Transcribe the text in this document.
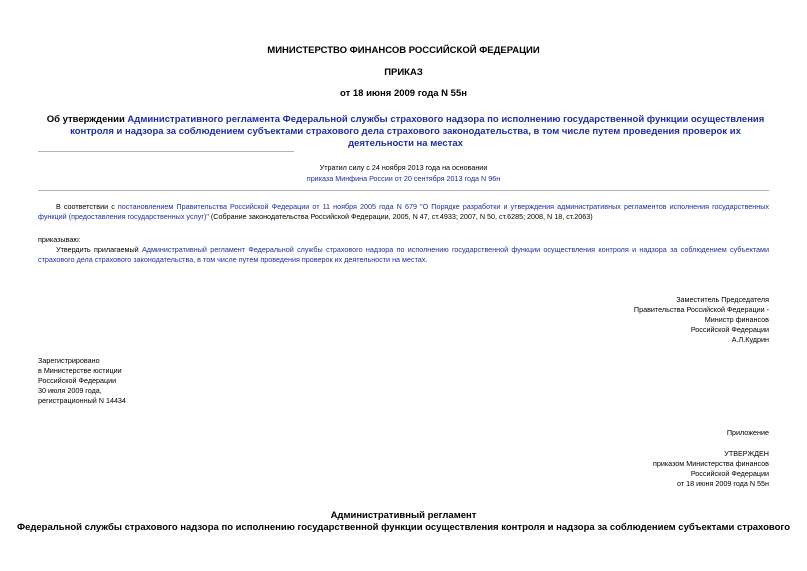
МИНИСТЕРСТВО ФИНАНСОВ РОССИЙСКОЙ ФЕДЕРАЦИИ
ПРИКАЗ
от 18 июня 2009 года N 55н
Об утверждении Административного регламента Федеральной службы страхового надзора по исполнению государственной функции осуществления контроля и надзора за соблюдением субъектами страхового дела страхового законодательства, в том числе путем проведения проверок их деятельности на местах
Утратил силу с 24 ноября 2013 года на основании
приказа Минфина России от 20 сентября 2013 года N 96н
В соответствии с постановлением Правительства Российской Федерации от 11 ноября 2005 года N 679 "О Порядке разработки и утверждения административных регламентов исполнения государственных функций (предоставления государственных услуг)" (Собрание законодательства Российской Федерации, 2005, N 47, ст.4933; 2007, N 50, ст.6285; 2008, N 18, ст.2063)
приказываю:
Утвердить прилагаемый Административный регламент Федеральной службы страхового надзора по исполнению государственной функции осуществления контроля и надзора за соблюдением субъектами страхового дела страхового законодательства, в том числе путем проведения проверок их деятельности на местах.
Заместитель Председателя
Правительства Российской Федерации -
Министр финансов
Российской Федерации
А.Л.Кудрин
Зарегистрировано
в Министерстве юстиции
Российской Федерации
30 июля 2009 года,
регистрационный N 14434
Приложение
УТВЕРЖДЕН
приказом Министерства финансов
Российской Федерации
от 18 июня 2009 года N 55н
Административный регламент
Федеральной службы страхового надзора по исполнению государственной функции осуществления контроля и надзора за соблюдением субъектами страхового
